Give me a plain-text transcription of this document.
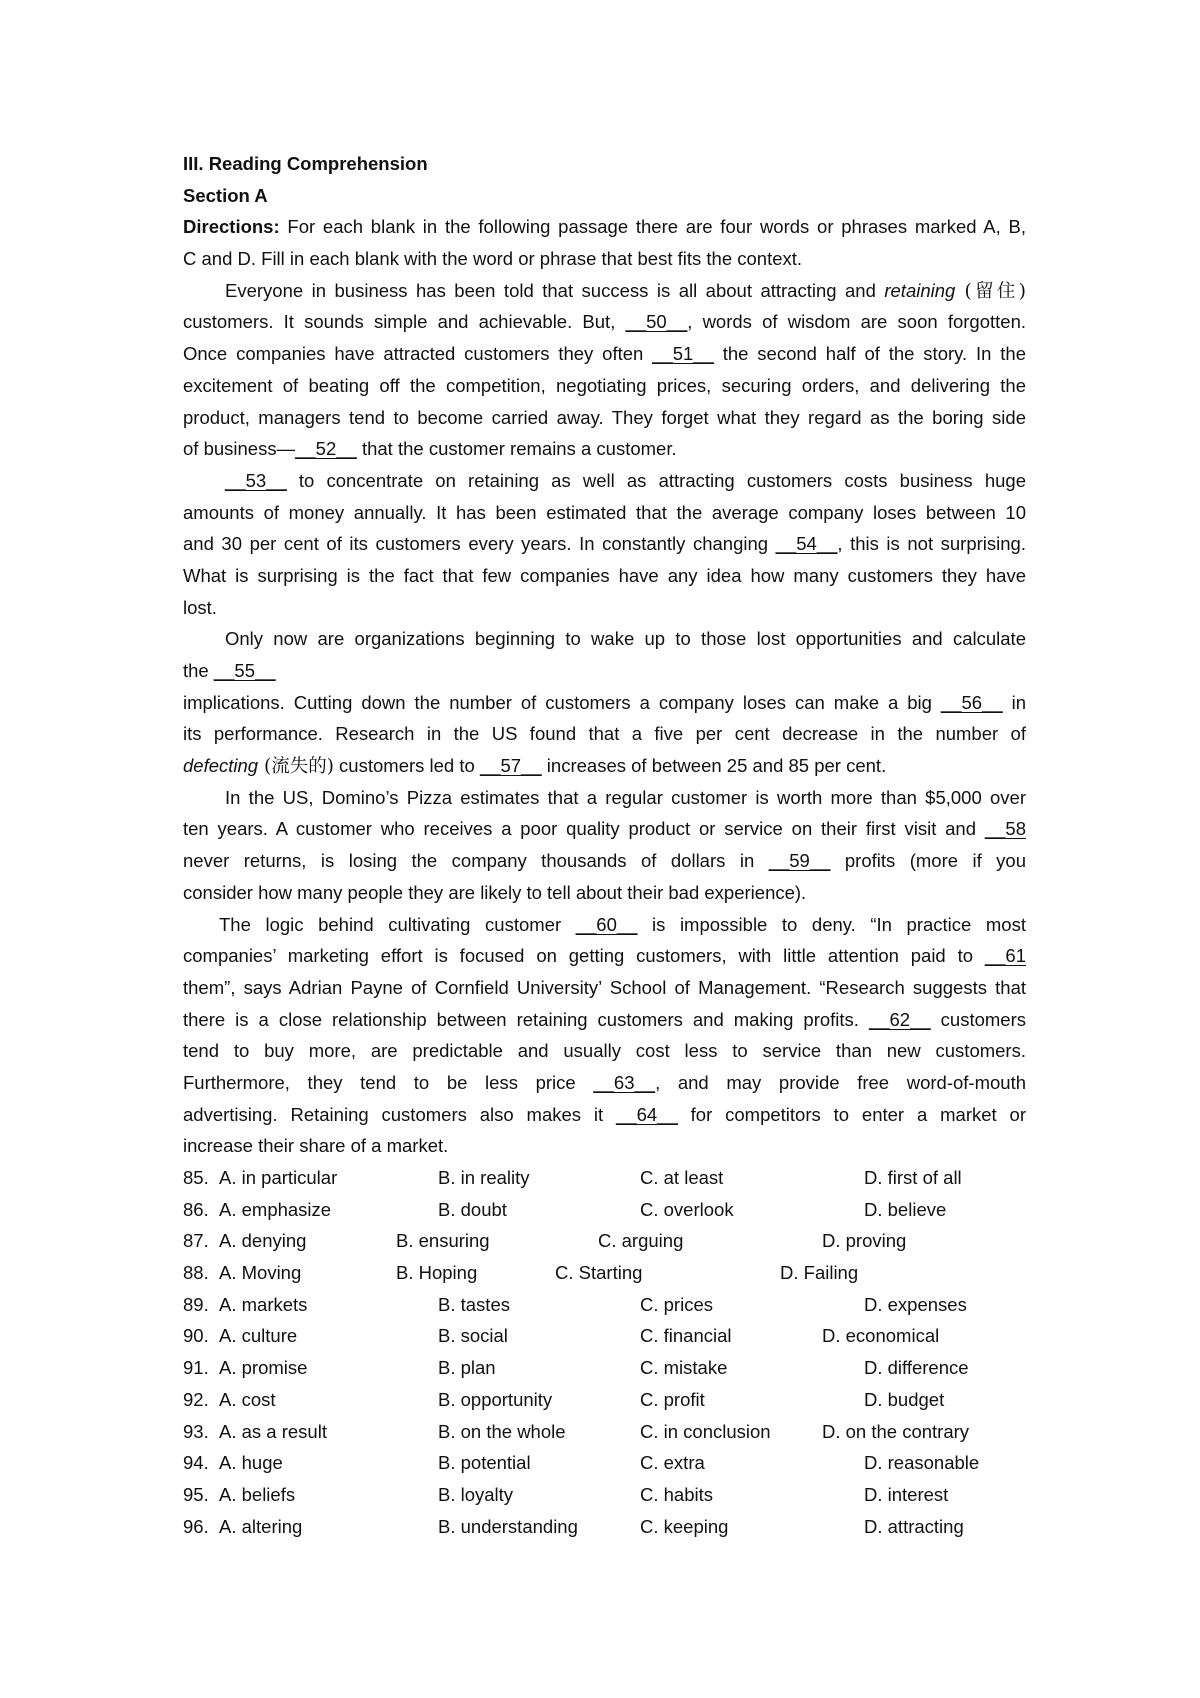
III. Reading Comprehension
Section A
Directions: For each blank in the following passage there are four words or phrases marked A, B,
C and D. Fill in each blank with the word or phrase that best fits the context.
Everyone in business has been told that success is all about attracting and retaining (留住)
customers. It sounds simple and achievable. But, __50__, words of wisdom are soon forgotten.
Once companies have attracted customers they often __51__ the second half of the story. In the
excitement of beating off the competition, negotiating prices, securing orders, and delivering the
product, managers tend to become carried away. They forget what they regard as the boring side
of business—__52__ that the customer remains a customer.
__53__ to concentrate on retaining as well as attracting customers costs business huge
amounts of money annually. It has been estimated that the average company loses between 10
and 30 per cent of its customers every years. In constantly changing __54__, this is not surprising.
What is surprising is the fact that few companies have any idea how many customers they have
lost.
Only now are organizations beginning to wake up to those lost opportunities and calculate
the __55__
implications. Cutting down the number of customers a company loses can make a big __56__ in
its performance. Research in the US found that a five per cent decrease in the number of
defecting (流失的) customers led to __57__ increases of between 25 and 85 per cent.
In the US, Domino’s Pizza estimates that a regular customer is worth more than $5,000 over
ten years. A customer who receives a poor quality product or service on their first visit and __58
never returns, is losing the company thousands of dollars in __59__ profits (more if you
consider how many people they are likely to tell about their bad experience).
The logic behind cultivating customer __60__ is impossible to deny. “In practice most
companies’ marketing effort is focused on getting customers, with little attention paid to __61
them”, says Adrian Payne of Cornfield University’ School of Management. “Research suggests that
there is a close relationship between retaining customers and making profits. __62__ customers
tend to buy more, are predictable and usually cost less to service than new customers.
Furthermore, they tend to be less price __63__, and may provide free word-of-mouth
advertising. Retaining customers also makes it __64__ for competitors to enter a market or
increase their share of a market.
85. A. in particular	B. in reality	C. at least	D. first of all
86. A. emphasize	B. doubt	C. overlook	D. believe
87. A. denying	B. ensuring	C. arguing	D. proving
88. A. Moving	B. Hoping	C. Starting	D. Failing
89. A. markets	B. tastes	C. prices	D. expenses
90. A. culture	B. social	C. financial	D. economical
91. A. promise	B. plan	C. mistake	D. difference
92. A. cost	B. opportunity	C. profit	D. budget
93. A. as a result	B. on the whole	C. in conclusion	D. on the contrary
94. A. huge	B. potential	C. extra	D. reasonable
95. A. beliefs	B. loyalty	C. habits	D. interest
96. A. altering	B. understanding	C. keeping	D. attracting
